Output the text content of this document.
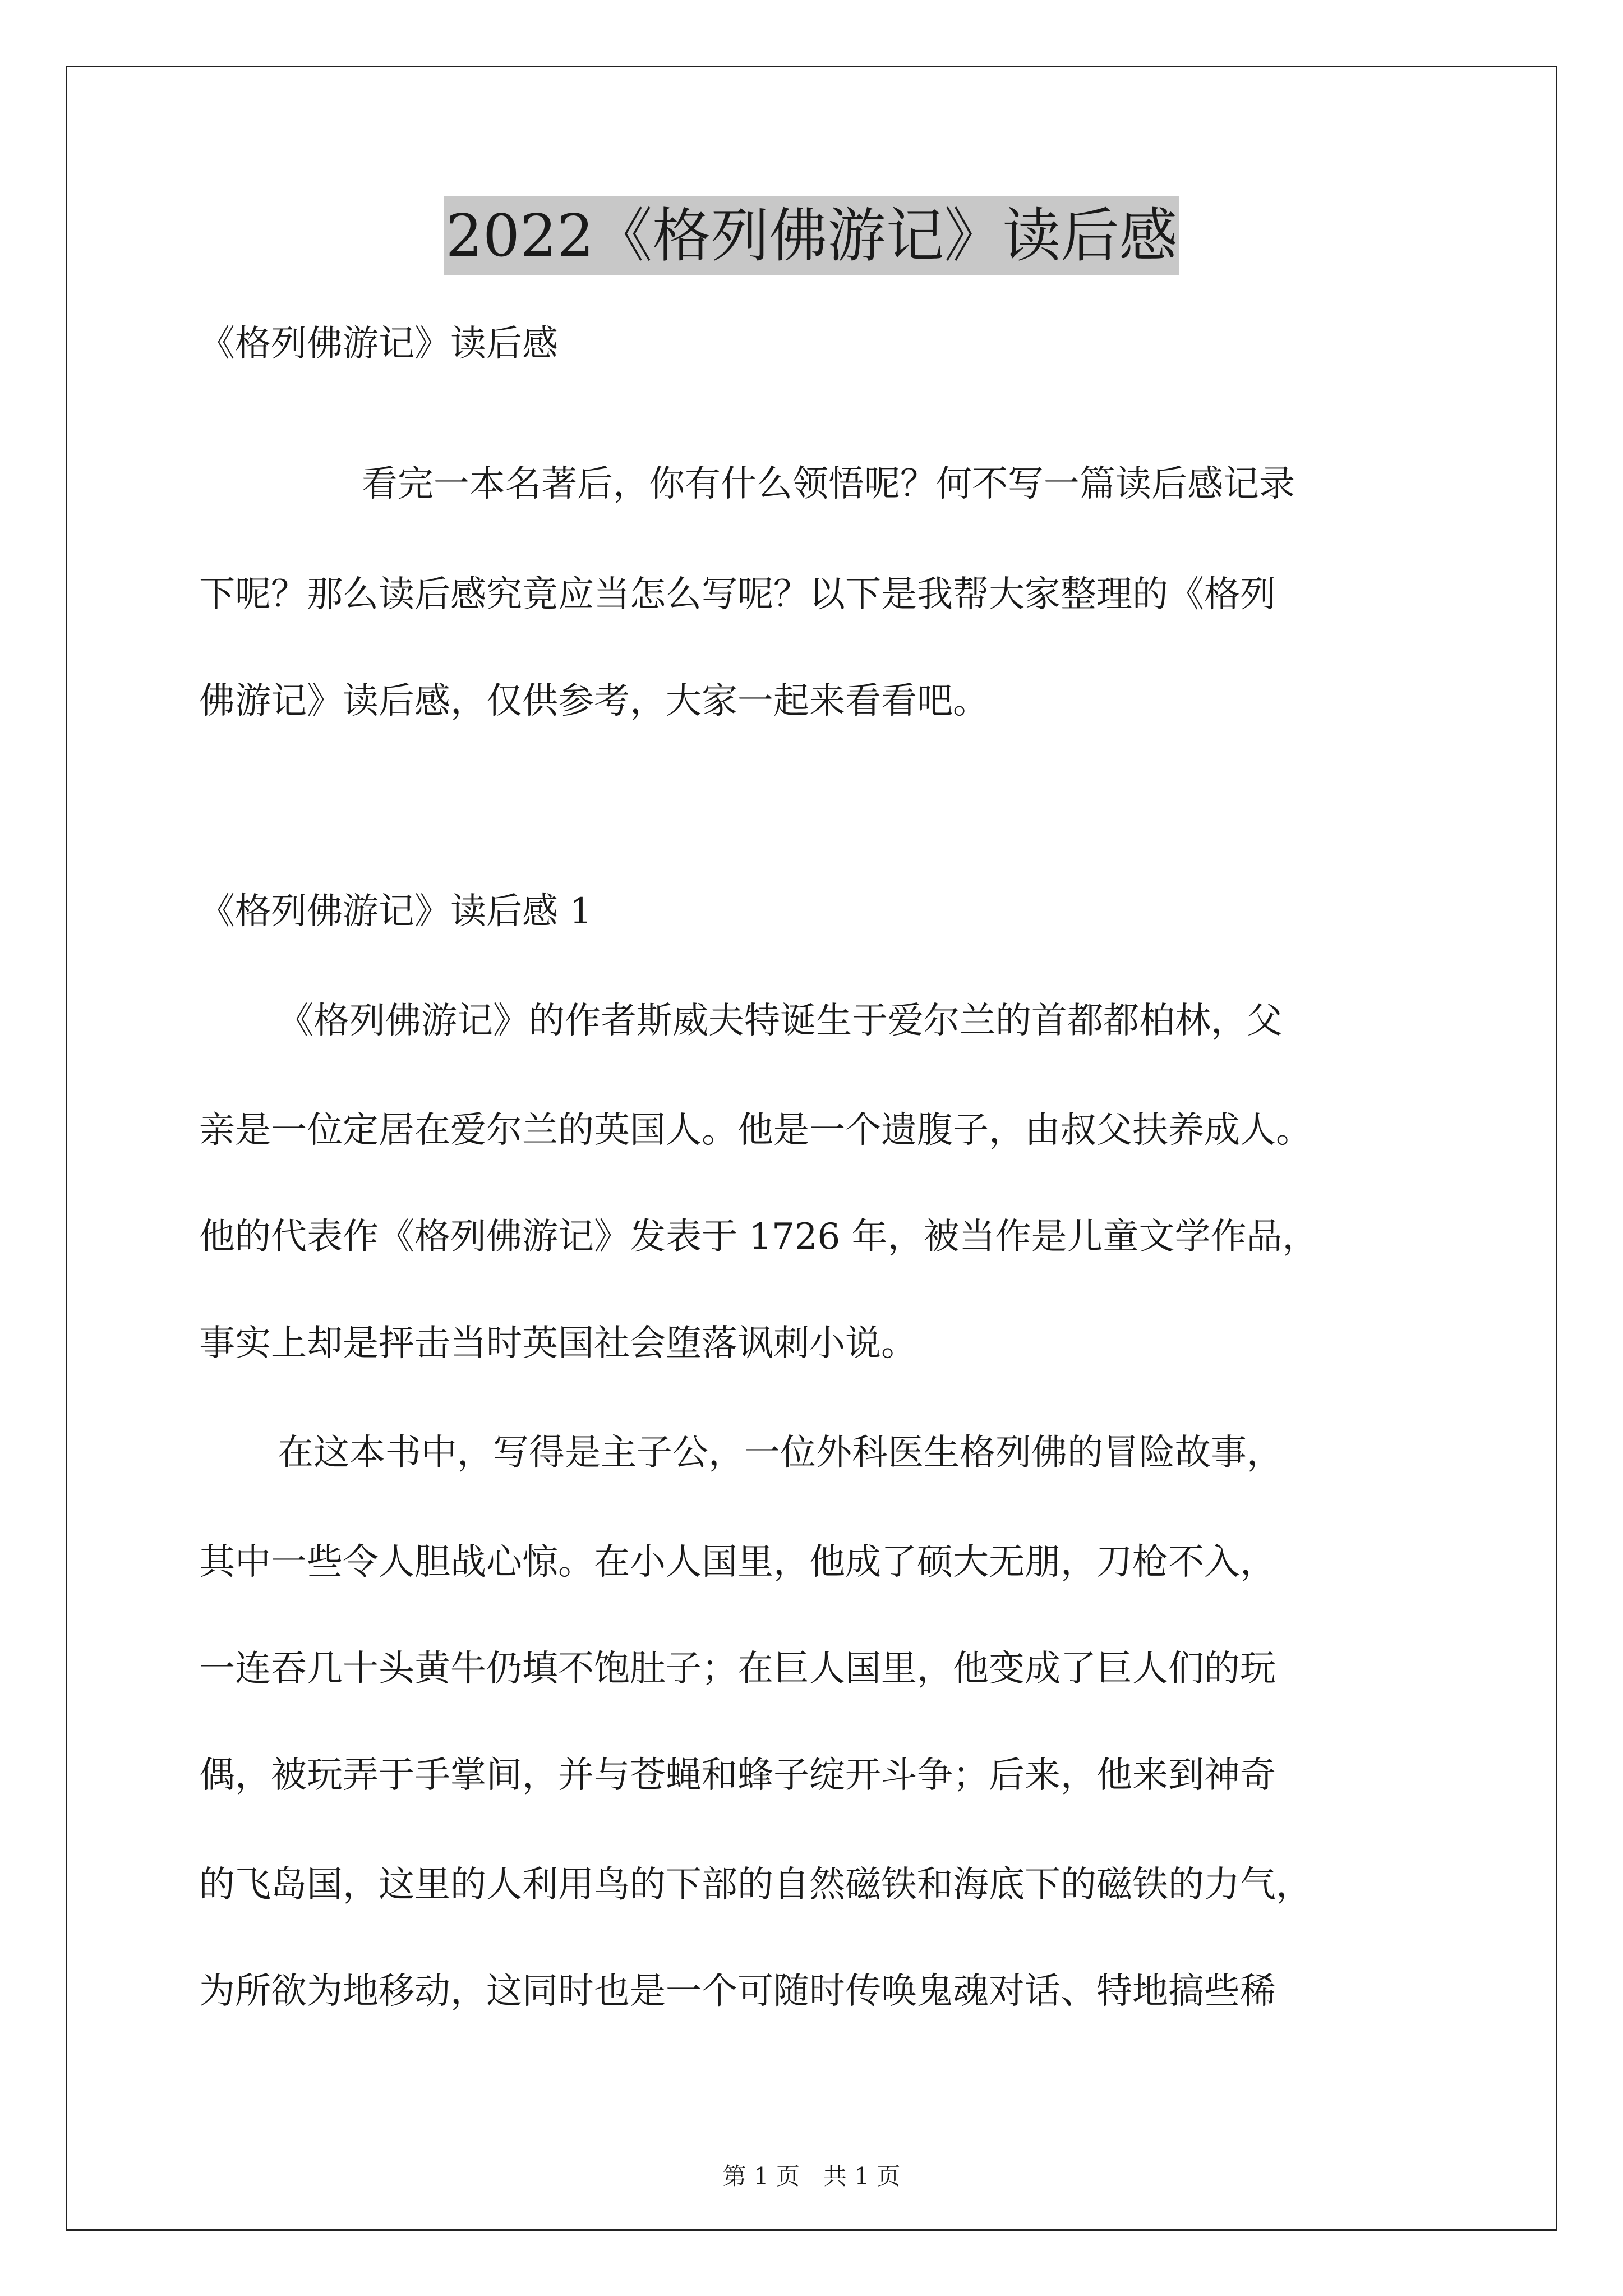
2022《格列佛游记》读后感

《格列佛游记》读后感

看完一本名著后，你有什么领悟呢？何不写一篇读后感记录

下呢？那么读后感究竟应当怎么写呢？以下是我帮大家整理的《格列

佛游记》读后感，仅供参考，大家一起来看看吧。

《格列佛游记》读后感 1

《格列佛游记》的作者斯威夫特诞生于爱尔兰的首都都柏林，父

亲是一位定居在爱尔兰的英国人。他是一个遗腹子，由叔父扶养成人。

他的代表作《格列佛游记》发表于 1726 年，被当作是儿童文学作品，

事实上却是抨击当时英国社会堕落讽刺小说。

在这本书中，写得是主子公，一位外科医生格列佛的冒险故事，

其中一些令人胆战心惊。在小人国里，他成了硕大无朋，刀枪不入，

一连吞几十头黄牛仍填不饱肚子；在巨人国里，他变成了巨人们的玩

偶，被玩弄于手掌间，并与苍蝇和蜂子绽开斗争；后来，他来到神奇

的飞岛国，这里的人利用鸟的下部的自然磁铁和海底下的磁铁的力气，

为所欲为地移动，这同时也是一个可随时传唤鬼魂对话、特地搞些稀

第 1 页　共 1 页
